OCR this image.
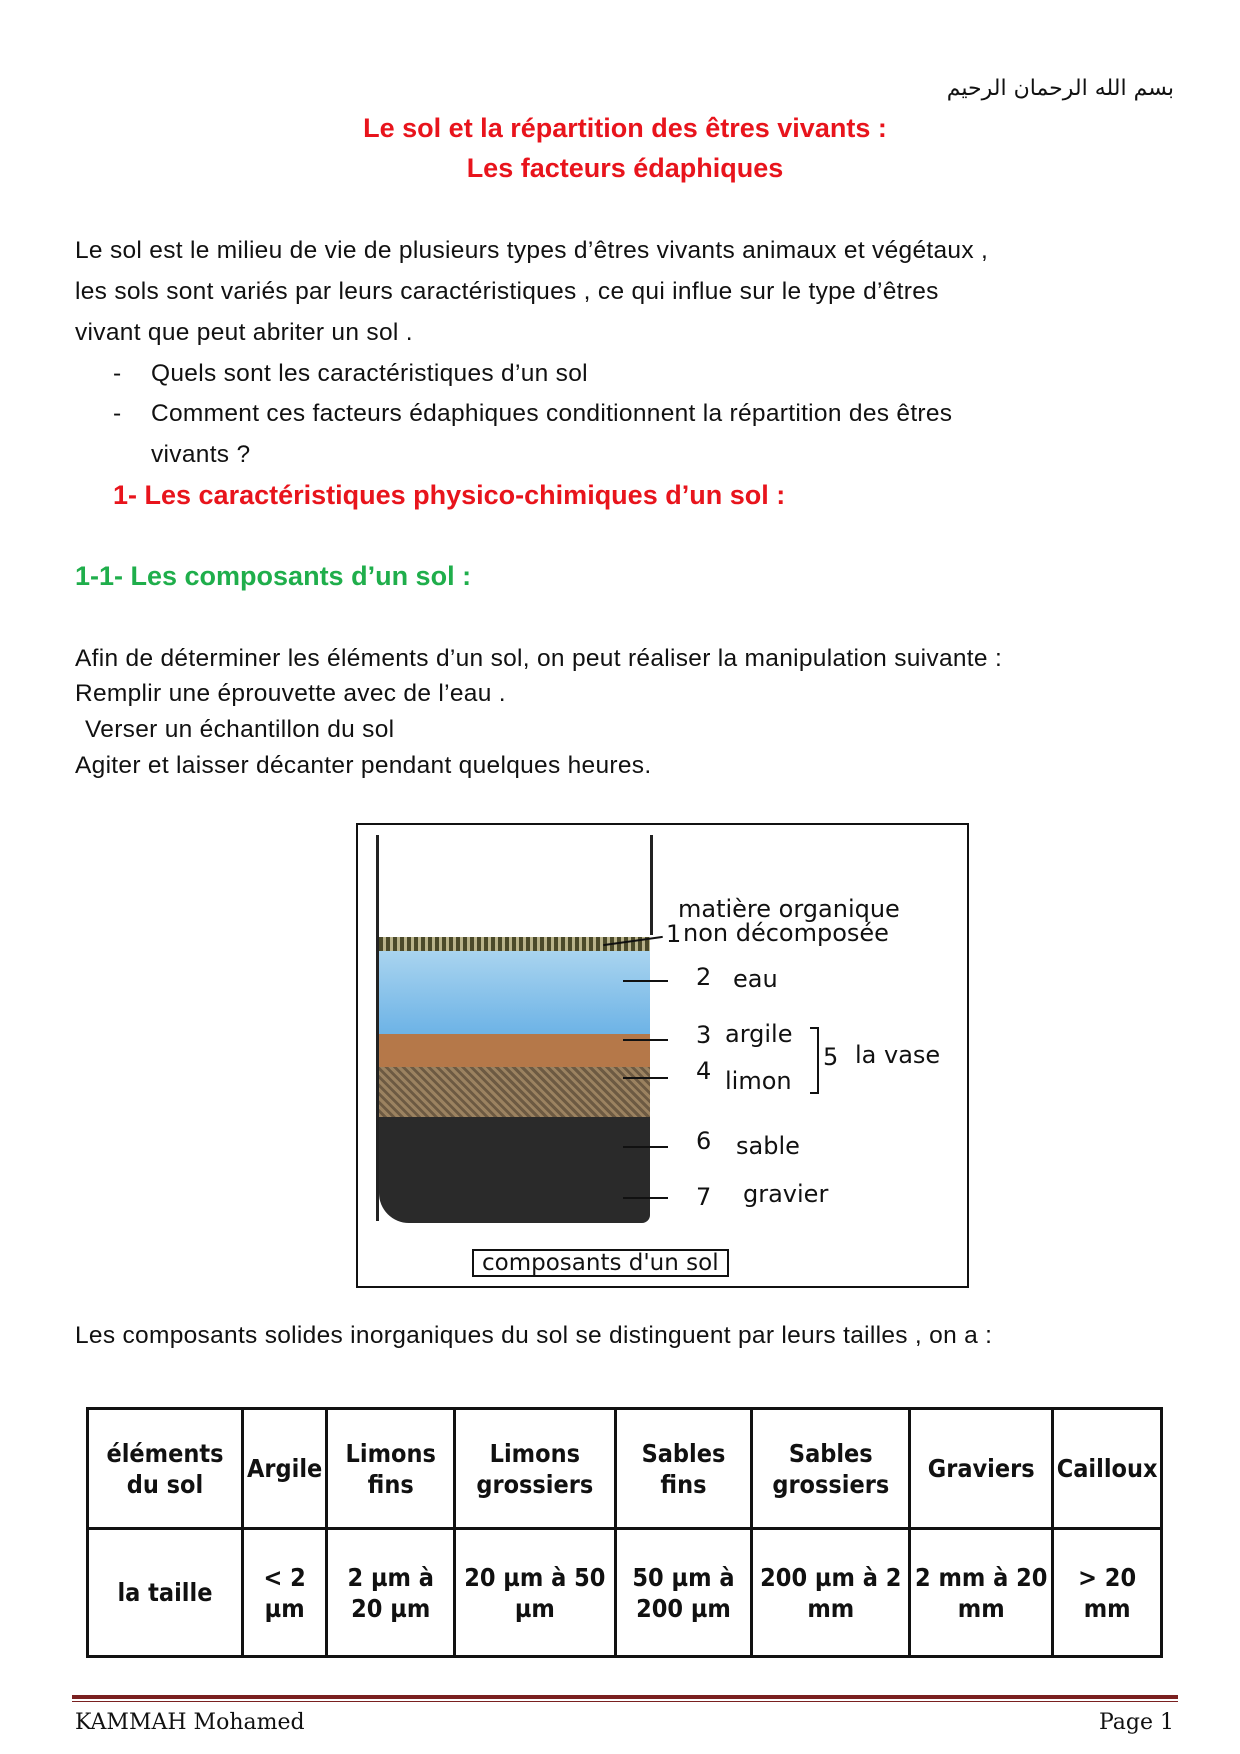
بسم الله الرحمان الرحيم
Le sol et la répartition des êtres vivants :
Les facteurs édaphiques
Le sol est le milieu de vie de plusieurs types d’êtres vivants animaux et végétaux ,
les sols sont variés par leurs caractéristiques , ce qui influe sur le type d’êtres
vivant que peut abriter un sol .
- Quels sont les caractéristiques d’un sol
- Comment ces facteurs édaphiques conditionnent la répartition des êtres
vivants ?
1- Les caractéristiques physico-chimiques d’un sol :
1-1- Les composants d’un sol :
Afin de déterminer les éléments d’un sol, on peut réaliser la manipulation suivante :
Remplir une éprouvette avec de l’eau .
Verser un échantillon du sol
Agiter et laisser décanter pendant quelques heures.
1
matière organique
non décomposée
2 eau
3 argile
4 limon
5 la vase
6 sable
7 gravier
composants d'un sol
Les composants solides inorganiques du sol se distinguent par leurs tailles , on a :
éléments du sol	Argile	Limons fins	Limons grossiers	Sables fins	Sables grossiers	Graviers	Cailloux
la taille	< 2 µm	2 µm à 20 µm	20 µm à 50 µm	50 µm à 200 µm	200 µm à 2 mm	2 mm à 20 mm	> 20 mm
KAMMAH Mohamed	Page 1
